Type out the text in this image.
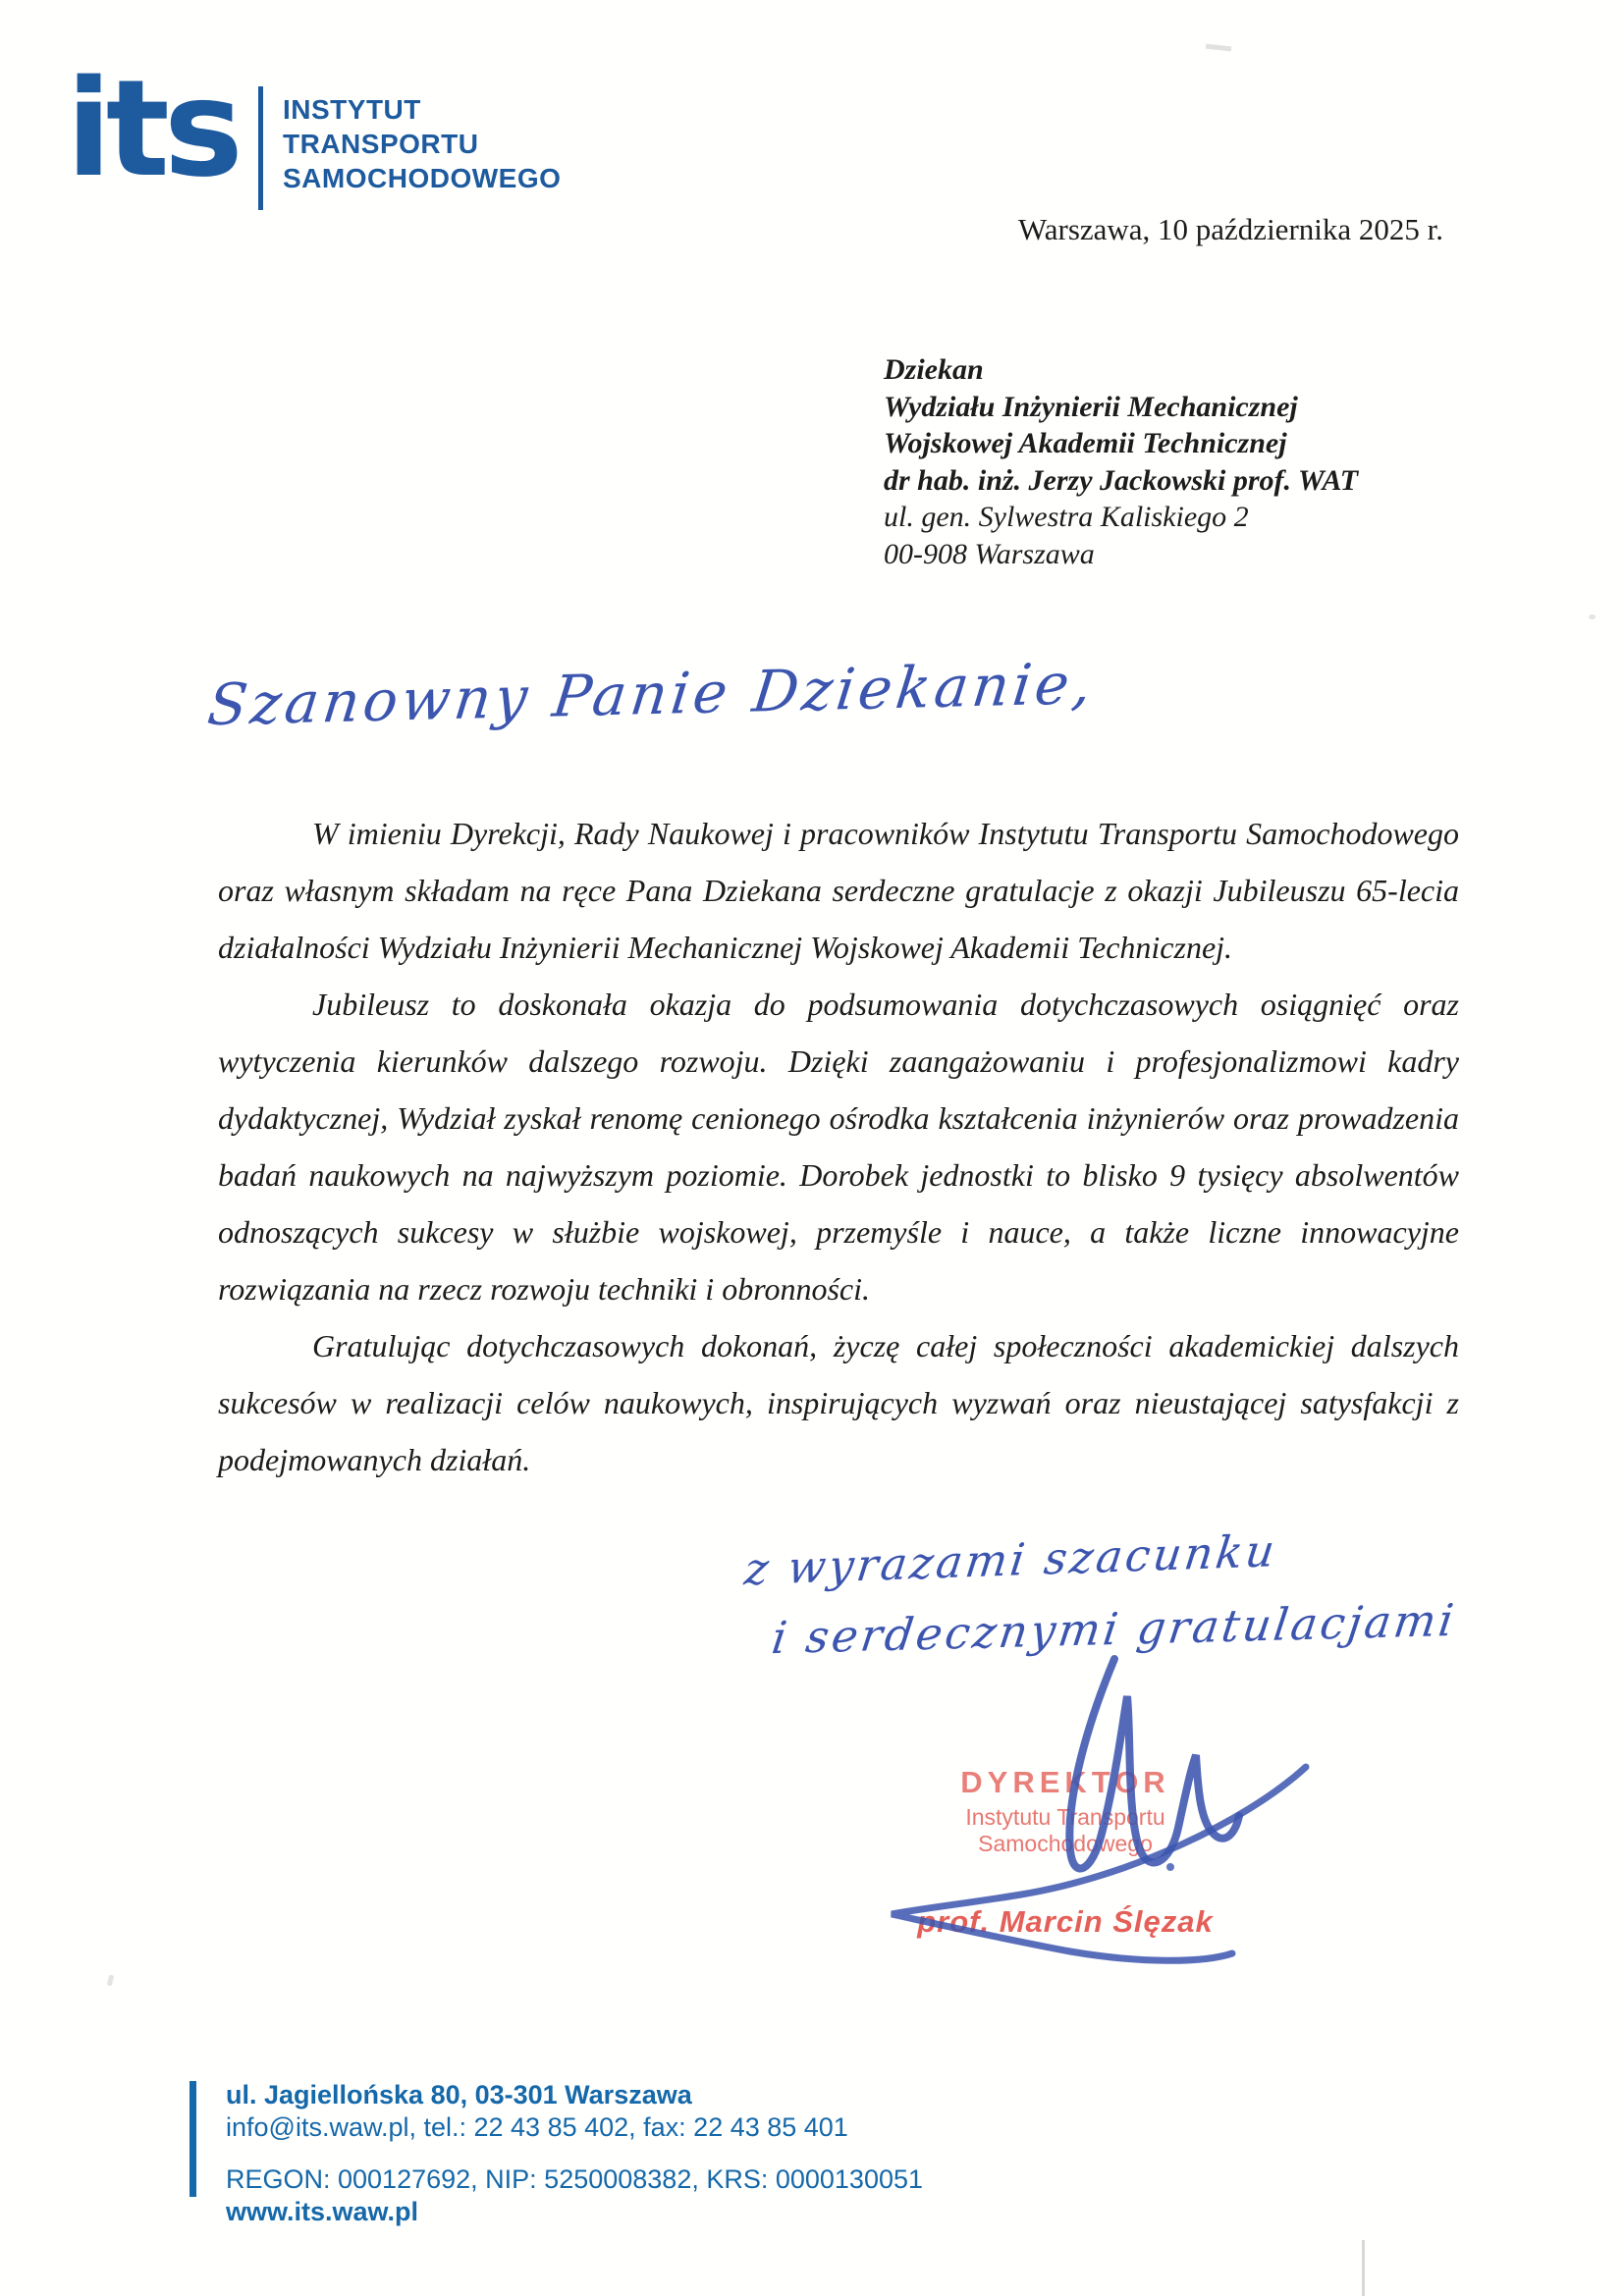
its	INSTYTUT
TRANSPORTU
SAMOCHODOWEGO
Warszawa, 10 października 2025 r.
Dziekan
Wydziału Inżynierii Mechanicznej
Wojskowej Akademii Technicznej
dr hab. inż. Jerzy Jackowski prof. WAT
ul. gen. Sylwestra Kaliskiego 2
00-908 Warszawa
Szanowny Panie Dziekanie,

W imieniu Dyrekcji, Rady Naukowej i pracowników Instytutu Transportu Samochodowego oraz własnym składam na ręce Pana Dziekana serdeczne gratulacje z okazji Jubileuszu 65-lecia działalności Wydziału Inżynierii Mechanicznej Wojskowej Akademii Technicznej.

Jubileusz to doskonała okazja do podsumowania dotychczasowych osiągnięć oraz wytyczenia kierunków dalszego rozwoju. Dzięki zaangażowaniu i profesjonalizmowi kadry dydaktycznej, Wydział zyskał renomę cenionego ośrodka kształcenia inżynierów oraz prowadzenia badań naukowych na najwyższym poziomie. Dorobek jednostki to blisko 9 tysięcy absolwentów odnoszących sukcesy w służbie wojskowej, przemyśle i nauce, a także liczne innowacyjne rozwiązania na rzecz rozwoju techniki i obronności.

Gratulując dotychczasowych dokonań, życzę całej społeczności akademickiej dalszych sukcesów w realizacji celów naukowych, inspirujących wyzwań oraz nieustającej satysfakcji z podejmowanych działań.

z wyrazami szacunku
i serdecznymi gratulacjami
DYREKTOR
Instytutu Transportu Samochodowego
prof. Marcin Ślęzak
ul. Jagiellońska 80, 03-301 Warszawa
info@its.waw.pl, tel.: 22 43 85 402, fax: 22 43 85 401
REGON: 000127692, NIP: 5250008382, KRS: 0000130051
www.its.waw.pl
